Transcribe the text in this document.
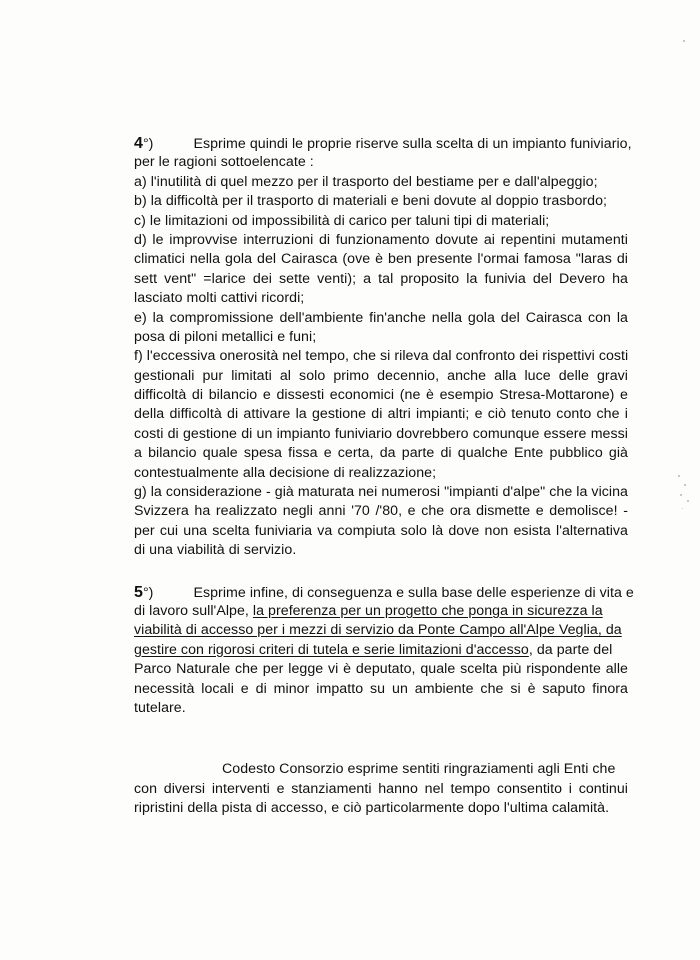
4°)	Esprime quindi le proprie riserve sulla scelta di un impianto funiviario,
per le ragioni sottoelencate :
a) l'inutilità di quel mezzo per il trasporto del bestiame per e dall'alpeggio;
b) la difficoltà per il trasporto di materiali e beni dovute al doppio trasbordo;
c) le limitazioni od impossibilità di carico per taluni tipi di materiali;
d) le improvvise interruzioni di funzionamento dovute ai repentini mutamenti
climatici nella gola del Cairasca (ove è ben presente l'ormai famosa "laras di
sett vent" =larice dei sette venti); a tal proposito la funivia del Devero ha
lasciato molti cattivi ricordi;
e) la compromissione dell'ambiente fin'anche nella gola del Cairasca con la
posa di piloni metallici e funi;
f) l'eccessiva onerosità nel tempo, che si rileva dal confronto dei rispettivi costi
gestionali pur limitati al solo primo decennio, anche alla luce delle gravi
difficoltà di bilancio e dissesti economici (ne è esempio Stresa-Mottarone) e
della difficoltà di attivare la gestione di altri impianti; e ciò tenuto conto che i
costi di gestione di un impianto funiviario dovrebbero comunque essere messi
a bilancio quale spesa fissa e certa, da parte di qualche Ente pubblico già
contestualmente alla decisione di realizzazione;
g) la considerazione - già maturata nei numerosi "impianti d'alpe" che la vicina
Svizzera ha realizzato negli anni '70 /'80, e che ora dismette e demolisce! -
per cui una scelta funiviaria va compiuta solo là dove non esista l'alternativa
di una viabilità di servizio.
5°)	Esprime infine, di conseguenza e sulla base delle esperienze di vita e
di lavoro sull'Alpe, la preferenza per un progetto che ponga in sicurezza la
viabilità di accesso per i mezzi di servizio da Ponte Campo all'Alpe Veglia, da
gestire con rigorosi criteri di tutela e serie limitazioni d'accesso, da parte del
Parco Naturale che per legge vi è deputato, quale scelta più rispondente alle
necessità locali e di minor impatto su un ambiente che si è saputo finora
tutelare.
Codesto Consorzio esprime sentiti ringraziamenti agli Enti che
con diversi interventi e stanziamenti hanno nel tempo consentito i continui
ripristini della pista di accesso, e ciò particolarmente dopo l'ultima calamità.
